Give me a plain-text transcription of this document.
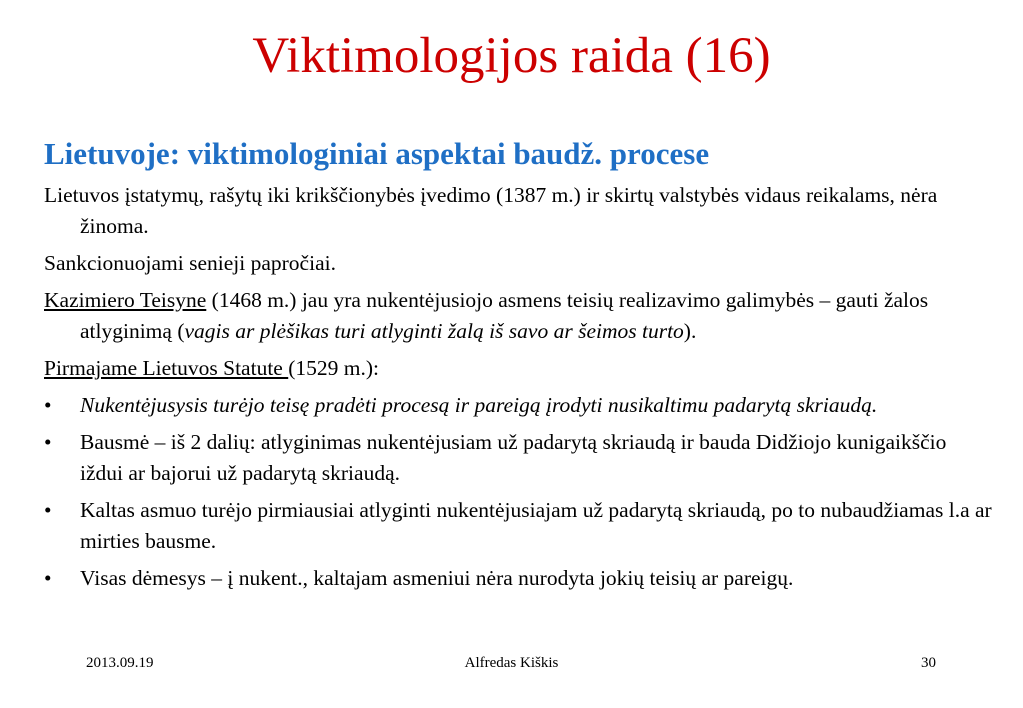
Viktimologijos raida (16)
Lietuvoje: viktimologiniai aspektai baudž. procese
Lietuvos įstatymų, rašytų iki krikščionybės įvedimo (1387 m.) ir skirtų valstybės vidaus reikalams, nėra žinoma.
Sankcionuojami senieji papročiai.
Kazimiero Teisyne (1468 m.) jau yra nukentėjusiojo asmens teisių realizavimo galimybės – gauti žalos atlyginimą (vagis ar plėšikas turi atlyginti žalą iš savo ar šeimos turto).
Pirmajame Lietuvos Statute (1529 m.):
•	Nukentėjusysis turėjo teisę pradėti procesą ir pareigą įrodyti nusikaltimu padarytą skriaudą.
•	Bausmė – iš 2 dalių: atlyginimas nukentėjusiam už padarytą skriaudą ir bauda Didžiojo kunigaikščio iždui ar bajorui už padarytą skriaudą.
•	Kaltas asmuo turėjo pirmiausiai atlyginti nukentėjusiajam už padarytą skriaudą, po to nubaudžiamas l.a ar mirties bausme.
•	Visas dėmesys – į nukent., kaltajam asmeniui nėra nurodyta jokių teisių ar pareigų.
2013.09.19	Alfredas Kiškis	30
